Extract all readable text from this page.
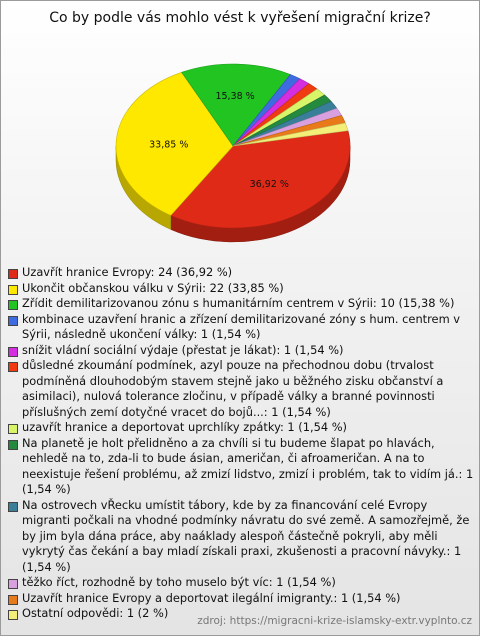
Co by podle vás mohlo vést k vyřešení migrační krize?
36,92 %
33,85 %
15,38 %
Uzavřít hranice Evropy: 24 (36,92 %)
Ukončit občanskou válku v Sýrii: 22 (33,85 %)
Zřídit demilitarizovanou zónu s humanitárním centrem v Sýrii: 10 (15,38 %)
kombinace uzavření hranic a zřízení demilitarizované zóny s hum. centrem v Sýrii, následně ukončení války: 1 (1,54 %)
snížit vládní sociální výdaje (přestat je lákat): 1 (1,54 %)
důsledné zkoumání podmínek, azyl pouze na přechodnou dobu (trvalost podmíněná dlouhodobým stavem stejně jako u běžného zisku občanství a asimilaci), nulová tolerance zločinu, v případě války a branné povinnosti příslušných zemí dotyčné vracet do bojů...: 1 (1,54 %)
uzavřít hranice a deportovat uprchlíky zpátky: 1 (1,54 %)
Na planetě je holt přelidněno a za chvíli si tu budeme šlapat po hlavách, nehledě na to, zda-li to bude ásian, američan, či afroameričan. A na to neexistuje řešení problému, až zmizí lidstvo, zmizí i problém, tak to vidím já.: 1 (1,54 %)
Na ostrovech vŘecku umístit tábory, kde by za financování celé Evropy migranti počkali na vhodné podmínky návratu do své země. A samozřejmě, že by jim byla dána práce, aby naáklady alespoň částečně pokryli, aby měli vykrytý čas čekání a bay mladí získali praxi, zkušenosti a pracovní návyky.: 1 (1,54 %)
těžko říct, rozhodně by toho muselo být víc: 1 (1,54 %)
Uzavřít hranice Evropy a deportovat ilegální imigranty.: 1 (1,54 %)
Ostatní odpovědi: 1 (2 %)
zdroj: https://migracni-krize-islamsky-extr.vyplnto.cz
